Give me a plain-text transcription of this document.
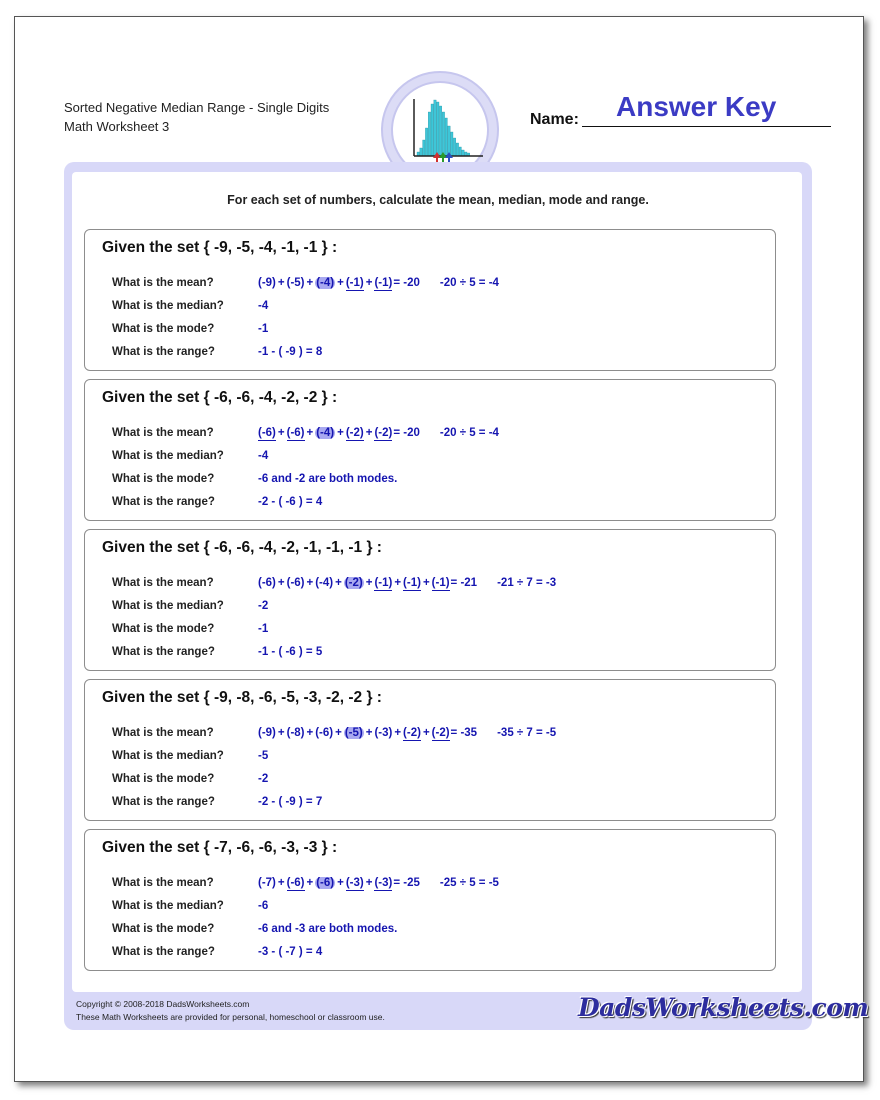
Sorted Negative Median Range - Single Digits
Math Worksheet 3	Name: Answer Key
For each set of numbers, calculate the mean, median, mode and range.
Given the set { -9, -5, -4, -1, -1 } :
What is the mean?
What is the median?
What is the mode?
What is the range?
(-9) + (-5) + (-4) + (-1) + (-1)= -20 -20 ÷ 5 = -4
-4
-1
-1 - ( -9 ) = 8
Given the set { -6, -6, -4, -2, -2 } :
What is the mean?
What is the median?
What is the mode?
What is the range?
(-6) + (-6) + (-4) + (-2) + (-2)= -20 -20 ÷ 5 = -4
-4
-6 and -2 are both modes.
-2 - ( -6 ) = 4
Given the set { -6, -6, -4, -2, -1, -1, -1 } :
What is the mean?
What is the median?
What is the mode?
What is the range?
(-6) + (-6) + (-4) + (-2) + (-1) + (-1) + (-1)= -21 -21 ÷ 7 = -3
-2
-1
-1 - ( -6 ) = 5
Given the set { -9, -8, -6, -5, -3, -2, -2 } :
What is the mean?
What is the median?
What is the mode?
What is the range?
(-9) + (-8) + (-6) + (-5) + (-3) + (-2) + (-2)= -35 -35 ÷ 7 = -5
-5
-2
-2 - ( -9 ) = 7
Given the set { -7, -6, -6, -3, -3 } :
What is the mean?
What is the median?
What is the mode?
What is the range?
(-7) + (-6) + (-6) + (-3) + (-3)= -25 -25 ÷ 5 = -5
-6
-6 and -3 are both modes.
-3 - ( -7 ) = 4
Copyright © 2008-2018 DadsWorksheets.com
These Math Worksheets are provided for personal, homeschool or classroom use.	DadsWorksheets.com
